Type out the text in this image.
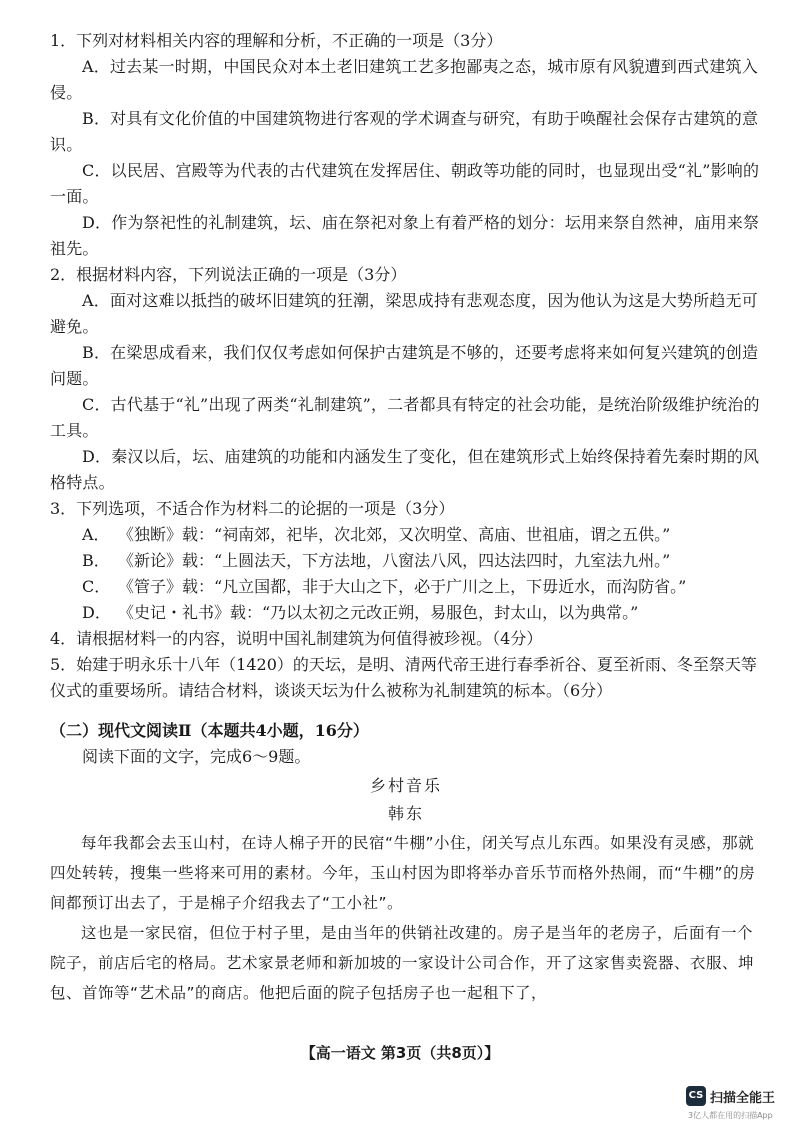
1．下列对材料相关内容的理解和分析，不正确的一项是（3分）

A．过去某一时期，中国民众对本土老旧建筑工艺多抱鄙夷之态，城市原有风貌遭到西式建筑入侵。

B．对具有文化价值的中国建筑物进行客观的学术调查与研究，有助于唤醒社会保存古建筑的意识。

C．以民居、宫殿等为代表的古代建筑在发挥居住、朝政等功能的同时，也显现出受“礼”影响的一面。

D．作为祭祀性的礼制建筑，坛、庙在祭祀对象上有着严格的划分：坛用来祭自然神，庙用来祭祖先。

2．根据材料内容，下列说法正确的一项是（3分）

A．面对这难以抵挡的破坏旧建筑的狂潮，梁思成持有悲观态度，因为他认为这是大势所趋无可避免。

B．在梁思成看来，我们仅仅考虑如何保护古建筑是不够的，还要考虑将来如何复兴建筑的创造问题。

C．古代基于“礼”出现了两类“礼制建筑”，二者都具有特定的社会功能，是统治阶级维护统治的工具。

D．秦汉以后，坛、庙建筑的功能和内涵发生了变化，但在建筑形式上始终保持着先秦时期的风格特点。

3．下列选项，不适合作为材料二的论据的一项是（3分）

A． 《独断》载：“祠南郊，祀毕，次北郊，又次明堂、高庙、世祖庙，谓之五供。”

B． 《新论》载：“上圆法天，下方法地，八窗法八风，四达法四时，九室法九州。”

C． 《管子》载：“凡立国都，非于大山之下，必于广川之上，下毋近水，而沟防省。”

D． 《史记・礼书》载：“乃以太初之元改正朔，易服色，封太山，以为典常。”

4．请根据材料一的内容，说明中国礼制建筑为何值得被珍视。（4分）

5．始建于明永乐十八年（1420）的天坛，是明、清两代帝王进行春季祈谷、夏至祈雨、冬至祭天等仪式的重要场所。请结合材料，谈谈天坛为什么被称为礼制建筑的标本。（6分）

（二）现代文阅读Ⅱ（本题共4小题，16分）

阅读下面的文字，完成6～9题。

乡村音乐

韩东

每年我都会去玉山村，在诗人棉子开的民宿“牛棚”小住，闭关写点儿东西。如果没有灵感，那就四处转转，搜集一些将来可用的素材。今年，玉山村因为即将举办音乐节而格外热闹，而“牛棚”的房间都预订出去了，于是棉子介绍我去了“工小社”。

这也是一家民宿，但位于村子里，是由当年的供销社改建的。房子是当年的老房子，后面有一个院子，前店后宅的格局。艺术家景老师和新加坡的一家设计公司合作，开了这家售卖瓷器、衣服、坤包、首饰等“艺术品”的商店。他把后面的院子包括房子也一起租下了，

【高一语文 第3页（共8页）】
CS 扫描全能王
3亿人都在用的扫描App
